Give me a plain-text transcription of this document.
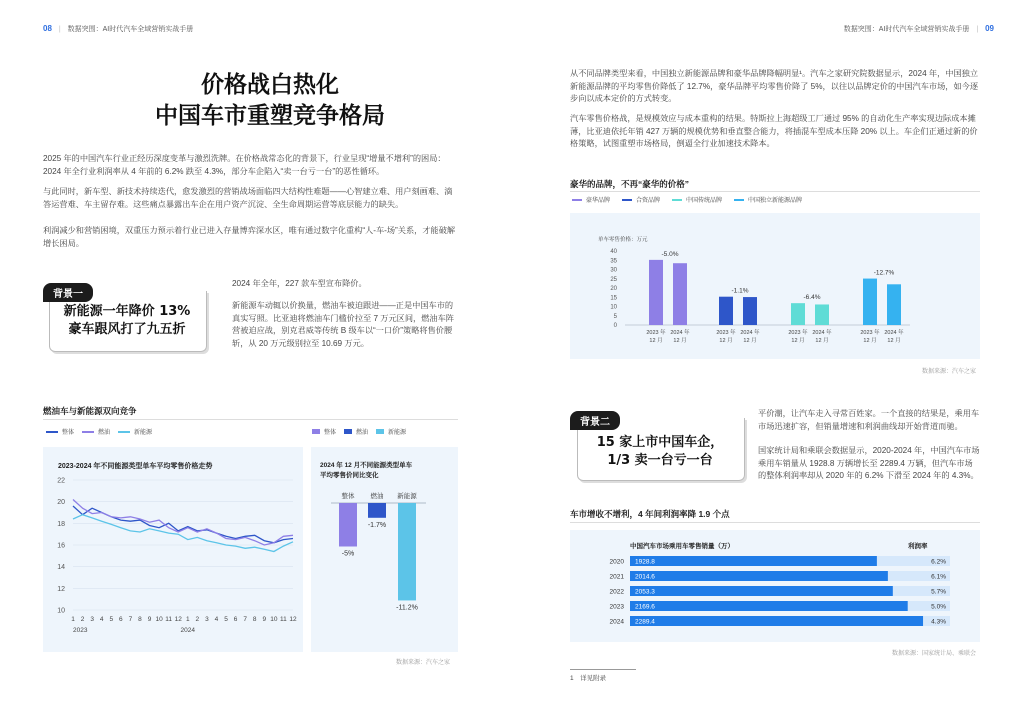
08 | 数据突围：AI时代汽车全域营销实战手册	数据突围：AI时代汽车全域营销实战手册 | 09
价格战白热化
中国车市重塑竞争格局
2025 年的中国汽车行业正经历深度变革与激烈洗牌。在价格战常态化的背景下，行业呈现“增量不增利”的困局：2024 年全行业利润率从 4 年前的 6.2% 跌至 4.3%，部分车企陷入“卖一台亏一台”的恶性循环。
与此同时，新车型、新技术持续迭代，愈发激烈的营销战场面临四大结构性难题——心智建立难、用户刻画难、滴答运营难、车主留存难。这些痛点暴露出车企在用户资产沉淀、全生命周期运营等底层能力的缺失。
利润减少和营销困境，双重压力预示着行业已进入存量博弈深水区，唯有通过数字化重构“人-车-场”关系，才能破解增长困局。
背景一
新能源一年降价 13%
豪车跟风打了九五折
2024 年全年，227 款车型宣布降价。
新能源车动辄以价换量，燃油车被迫跟进——正是中国车市的真实写照。比亚迪将燃油车门槛价拉至 7 万元区间，燃油车阵营被迫应战，别克君威等传统 B 级车以“一口价”策略将售价腰斩，从 20 万元级别拉至 10.69 万元。
燃油车与新能源双向竞争
整体	燃油	新能源	整体	燃油	新能源
2023-2024 年不同能源类型单车平均零售价格走势
10
12
14
16
18
20
22
1 2 3 4 5 6 7 8 9 10 11 12 1 2 3 4 5 6 7 8 9 10 11 12
2023	2024
2024 年 12 月不同能源类型单车
平均零售价同比变化
整体
-5%
燃油
-1.7%
新能源
-11.2%
数据来源：汽车之家
从不同品牌类型来看，中国独立新能源品牌和豪华品牌降幅明显¹。汽车之家研究院数据显示，2024 年，中国独立新能源品牌的平均零售价降低了 12.7%，豪华品牌平均零售价降了 5%，以往以品牌定价的中国汽车市场，如今逐步向以成本定价的方式转变。
汽车零售价格战，是规模效应与成本重构的结果。特斯拉上海超级工厂通过 95% 的自动化生产率实现边际成本摊薄，比亚迪依托年销 427 万辆的规模优势和垂直整合能力，将插混车型成本压降 20% 以上。车企们正通过新的价格策略，试图重塑市场格局，倒逼全行业加速技术降本。
豪华的品牌，不再“豪华的价格”
豪华品牌	合资品牌	中国传统品牌	中国独立新能源品牌
单车零售价格：万元
0
5
10
15
20
25
30
35
40
2023 年
12 月
2024 年
12 月
-5.0%
2023 年
12 月
2024 年
12 月
-1.1%
2023 年
12 月
2024 年
12 月
-6.4%
2023 年
12 月
2024 年
12 月
-12.7%
数据来源：汽车之家
背景二
15 家上市中国车企，
1/3 卖一台亏一台
平价潮，让汽车走入寻常百姓家。一个直接的结果是，乘用车市场迅速扩容，但销量增速和利润曲线却开始背道而驰。
国家统计局和乘联会数据显示，2020-2024 年，中国汽车市场乘用车销量从 1928.8 万辆增长至 2289.4 万辆，但汽车市场的整体利润率却从 2020 年的 6.2% 下滑至 2024 年的 4.3%。
车市增收不增利，4 年间利润率降 1.9 个点
中国汽车市场乘用车零售销量（万）	利润率
2020 1928.8	6.2%
2021 2014.6	6.1%
2022 2053.3	5.7%
2023 2169.6	5.0%
2024 2289.4	4.3%
数据来源：国家统计局、乘联会
1　详见附录
